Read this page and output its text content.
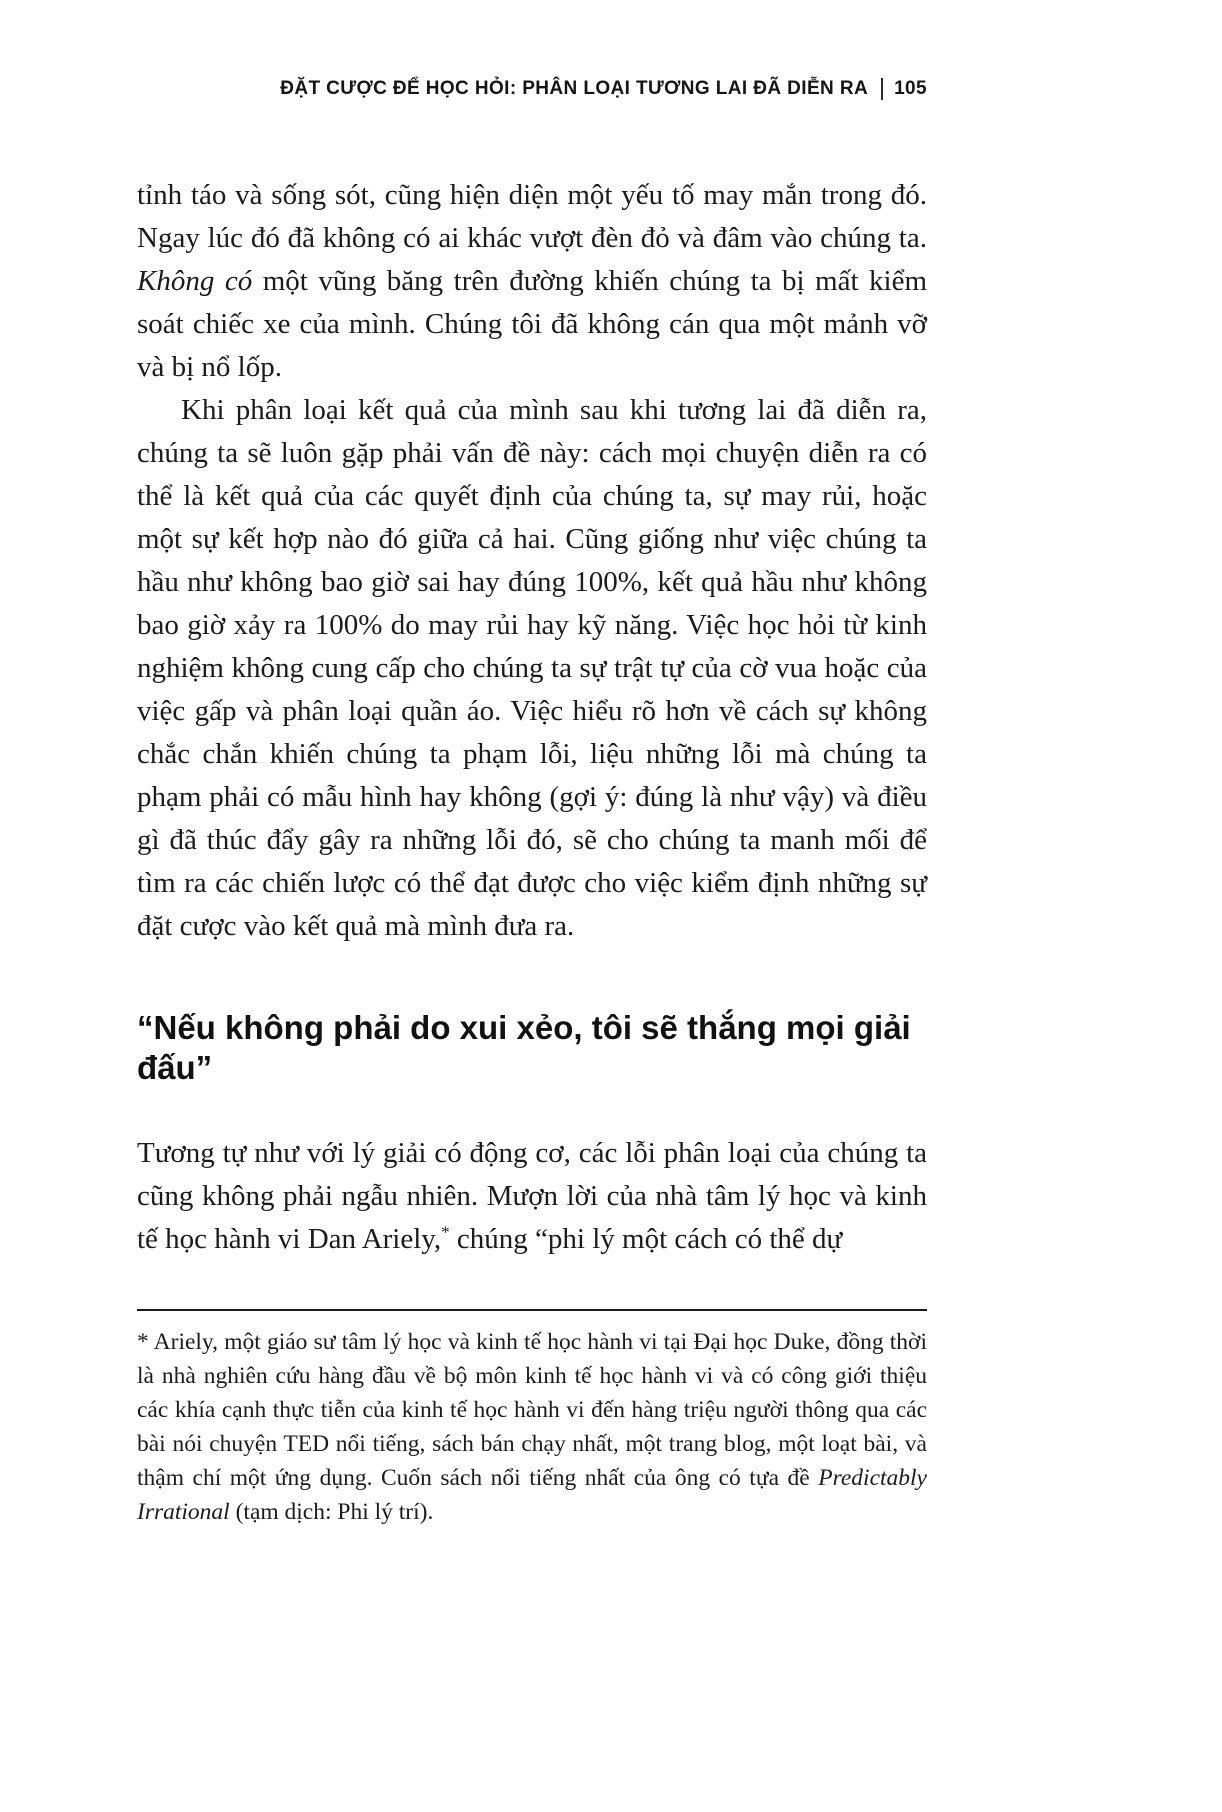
ĐẶT CƯỢC ĐỂ HỌC HỎI: PHÂN LOẠI TƯƠNG LAI ĐÃ DIỄN RA 105

tỉnh táo và sống sót, cũng hiện diện một yếu tố may mắn trong đó. Ngay lúc đó đã không có ai khác vượt đèn đỏ và đâm vào chúng ta. Không có một vũng băng trên đường khiến chúng ta bị mất kiểm soát chiếc xe của mình. Chúng tôi đã không cán qua một mảnh vỡ và bị nổ lốp.

Khi phân loại kết quả của mình sau khi tương lai đã diễn ra, chúng ta sẽ luôn gặp phải vấn đề này: cách mọi chuyện diễn ra có thể là kết quả của các quyết định của chúng ta, sự may rủi, hoặc một sự kết hợp nào đó giữa cả hai. Cũng giống như việc chúng ta hầu như không bao giờ sai hay đúng 100%, kết quả hầu như không bao giờ xảy ra 100% do may rủi hay kỹ năng. Việc học hỏi từ kinh nghiệm không cung cấp cho chúng ta sự trật tự của cờ vua hoặc của việc gấp và phân loại quần áo. Việc hiểu rõ hơn về cách sự không chắc chắn khiến chúng ta phạm lỗi, liệu những lỗi mà chúng ta phạm phải có mẫu hình hay không (gợi ý: đúng là như vậy) và điều gì đã thúc đẩy gây ra những lỗi đó, sẽ cho chúng ta manh mối để tìm ra các chiến lược có thể đạt được cho việc kiểm định những sự đặt cược vào kết quả mà mình đưa ra.

“Nếu không phải do xui xẻo, tôi sẽ thắng mọi giải đấu”

Tương tự như với lý giải có động cơ, các lỗi phân loại của chúng ta cũng không phải ngẫu nhiên. Mượn lời của nhà tâm lý học và kinh tế học hành vi Dan Ariely,* chúng “phi lý một cách có thể dự

* Ariely, một giáo sư tâm lý học và kinh tế học hành vi tại Đại học Duke, đồng thời là nhà nghiên cứu hàng đầu về bộ môn kinh tế học hành vi và có công giới thiệu các khía cạnh thực tiễn của kinh tế học hành vi đến hàng triệu người thông qua các bài nói chuyện TED nổi tiếng, sách bán chạy nhất, một trang blog, một loạt bài, và thậm chí một ứng dụng. Cuốn sách nổi tiếng nhất của ông có tựa đề Predictably Irrational (tạm dịch: Phi lý trí).
